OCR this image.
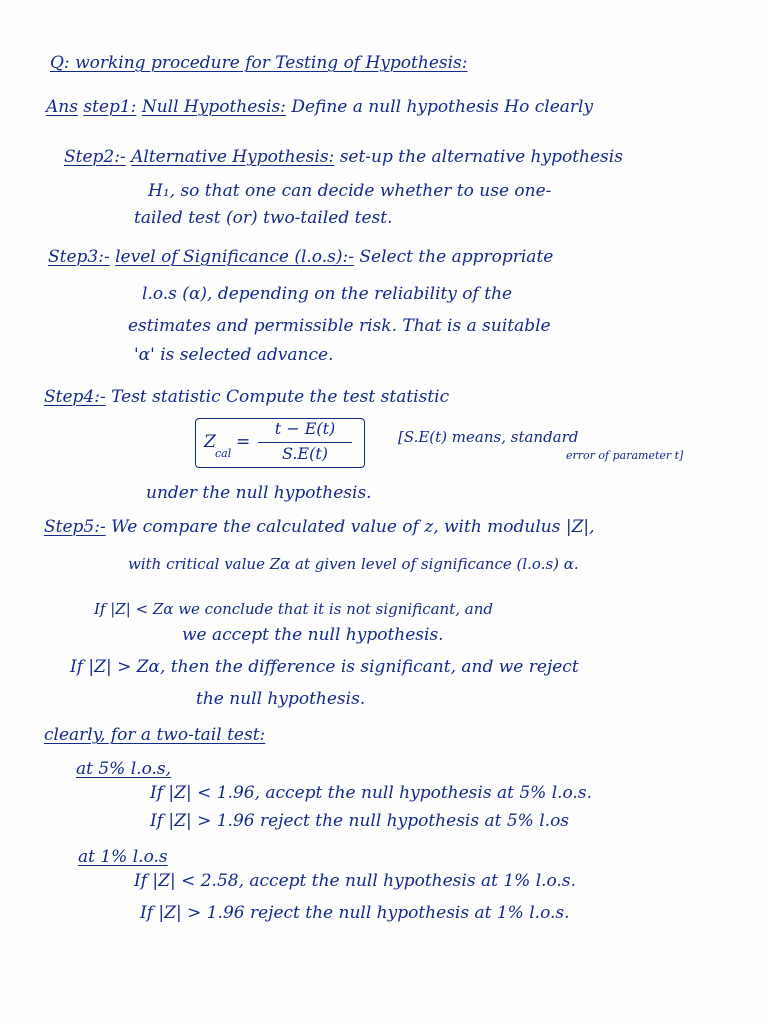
Q: working procedure for Testing of Hypothesis:
Ans step1: Null Hypothesis: Define a null hypothesis Ho clearly
Step2:- Alternative Hypothesis: set-up the alternative hypothesis
H₁, so that one can decide whether to use one-
tailed test (or) two-tailed test.
Step3:- level of Significance (l.o.s):- Select the appropriate
l.o.s (α), depending on the reliability of the
estimates and permissible risk. That is a suitable
'α' is selected advance.
Step4:- Test statistic Compute the test statistic
Z
cal
=
t − E(t)
S.E(t)
[S.E(t) means, standard
error of parameter t]
under the null hypothesis.
Step5:- We compare the calculated value of z, with modulus |Z|,
with critical value Zα at given level of significance (l.o.s) α.
If |Z| < Zα we conclude that it is not significant, and
we accept the null hypothesis.
If |Z| > Zα, then the difference is significant, and we reject
the null hypothesis.
clearly, for a two-tail test:
at 5% l.o.s,
If |Z| < 1.96, accept the null hypothesis at 5% l.o.s.
If |Z| > 1.96 reject the null hypothesis at 5% l.os
at 1% l.o.s
If |Z| < 2.58, accept the null hypothesis at 1% l.o.s.
If |Z| > 1.96 reject the null hypothesis at 1% l.o.s.
